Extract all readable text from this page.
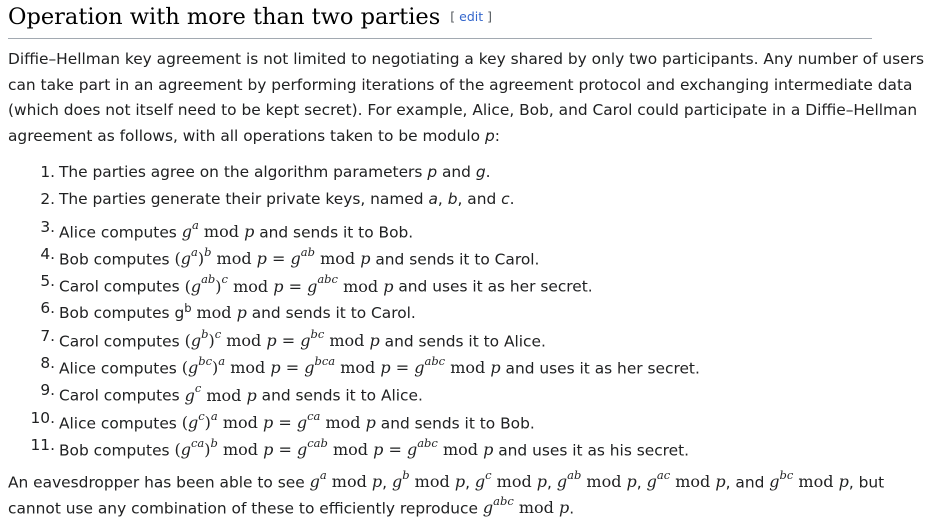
Operation with more than two parties [ edit ]
Diffie–Hellman key agreement is not limited to negotiating a key shared by only two participants. Any number of users
can take part in an agreement by performing iterations of the agreement protocol and exchanging intermediate data
(which does not itself need to be kept secret). For example, Alice, Bob, and Carol could participate in a Diffie–Hellman
agreement as follows, with all operations taken to be modulo p:
1. The parties agree on the algorithm parameters p and g.
2. The parties generate their private keys, named a, b, and c.
3. Alice computes $g^a$ mod p and sends it to Bob.
4. Bob computes $(g^a)^b$ mod $p = g^{ab}$ mod p and sends it to Carol.
5. Carol computes $(g^{ab})^c$ mod $p = g^{abc}$ mod p and uses it as her secret.
6. Bob computes $g^b$ mod p and sends it to Carol.
7. Carol computes $(g^b)^c$ mod $p = g^{bc}$ mod p and sends it to Alice.
8. Alice computes $(g^{bc})^a$ mod $p = g^{bca}$ mod $p = g^{abc}$ mod p and uses it as her secret.
9. Carol computes $g^c$ mod p and sends it to Alice.
10. Alice computes $(g^c)^a$ mod $p = g^{ca}$ mod p and sends it to Bob.
11. Bob computes $(g^{ca})^b$ mod $p = g^{cab}$ mod $p = g^{abc}$ mod p and uses it as his secret.
An eavesdropper has been able to see $g^a$ mod p, $g^b$ mod p, $g^c$ mod p, $g^{ab}$ mod p, $g^{ac}$ mod p, and $g^{bc}$ mod p, but
cannot use any combination of these to efficiently reproduce $g^{abc}$ mod p.
